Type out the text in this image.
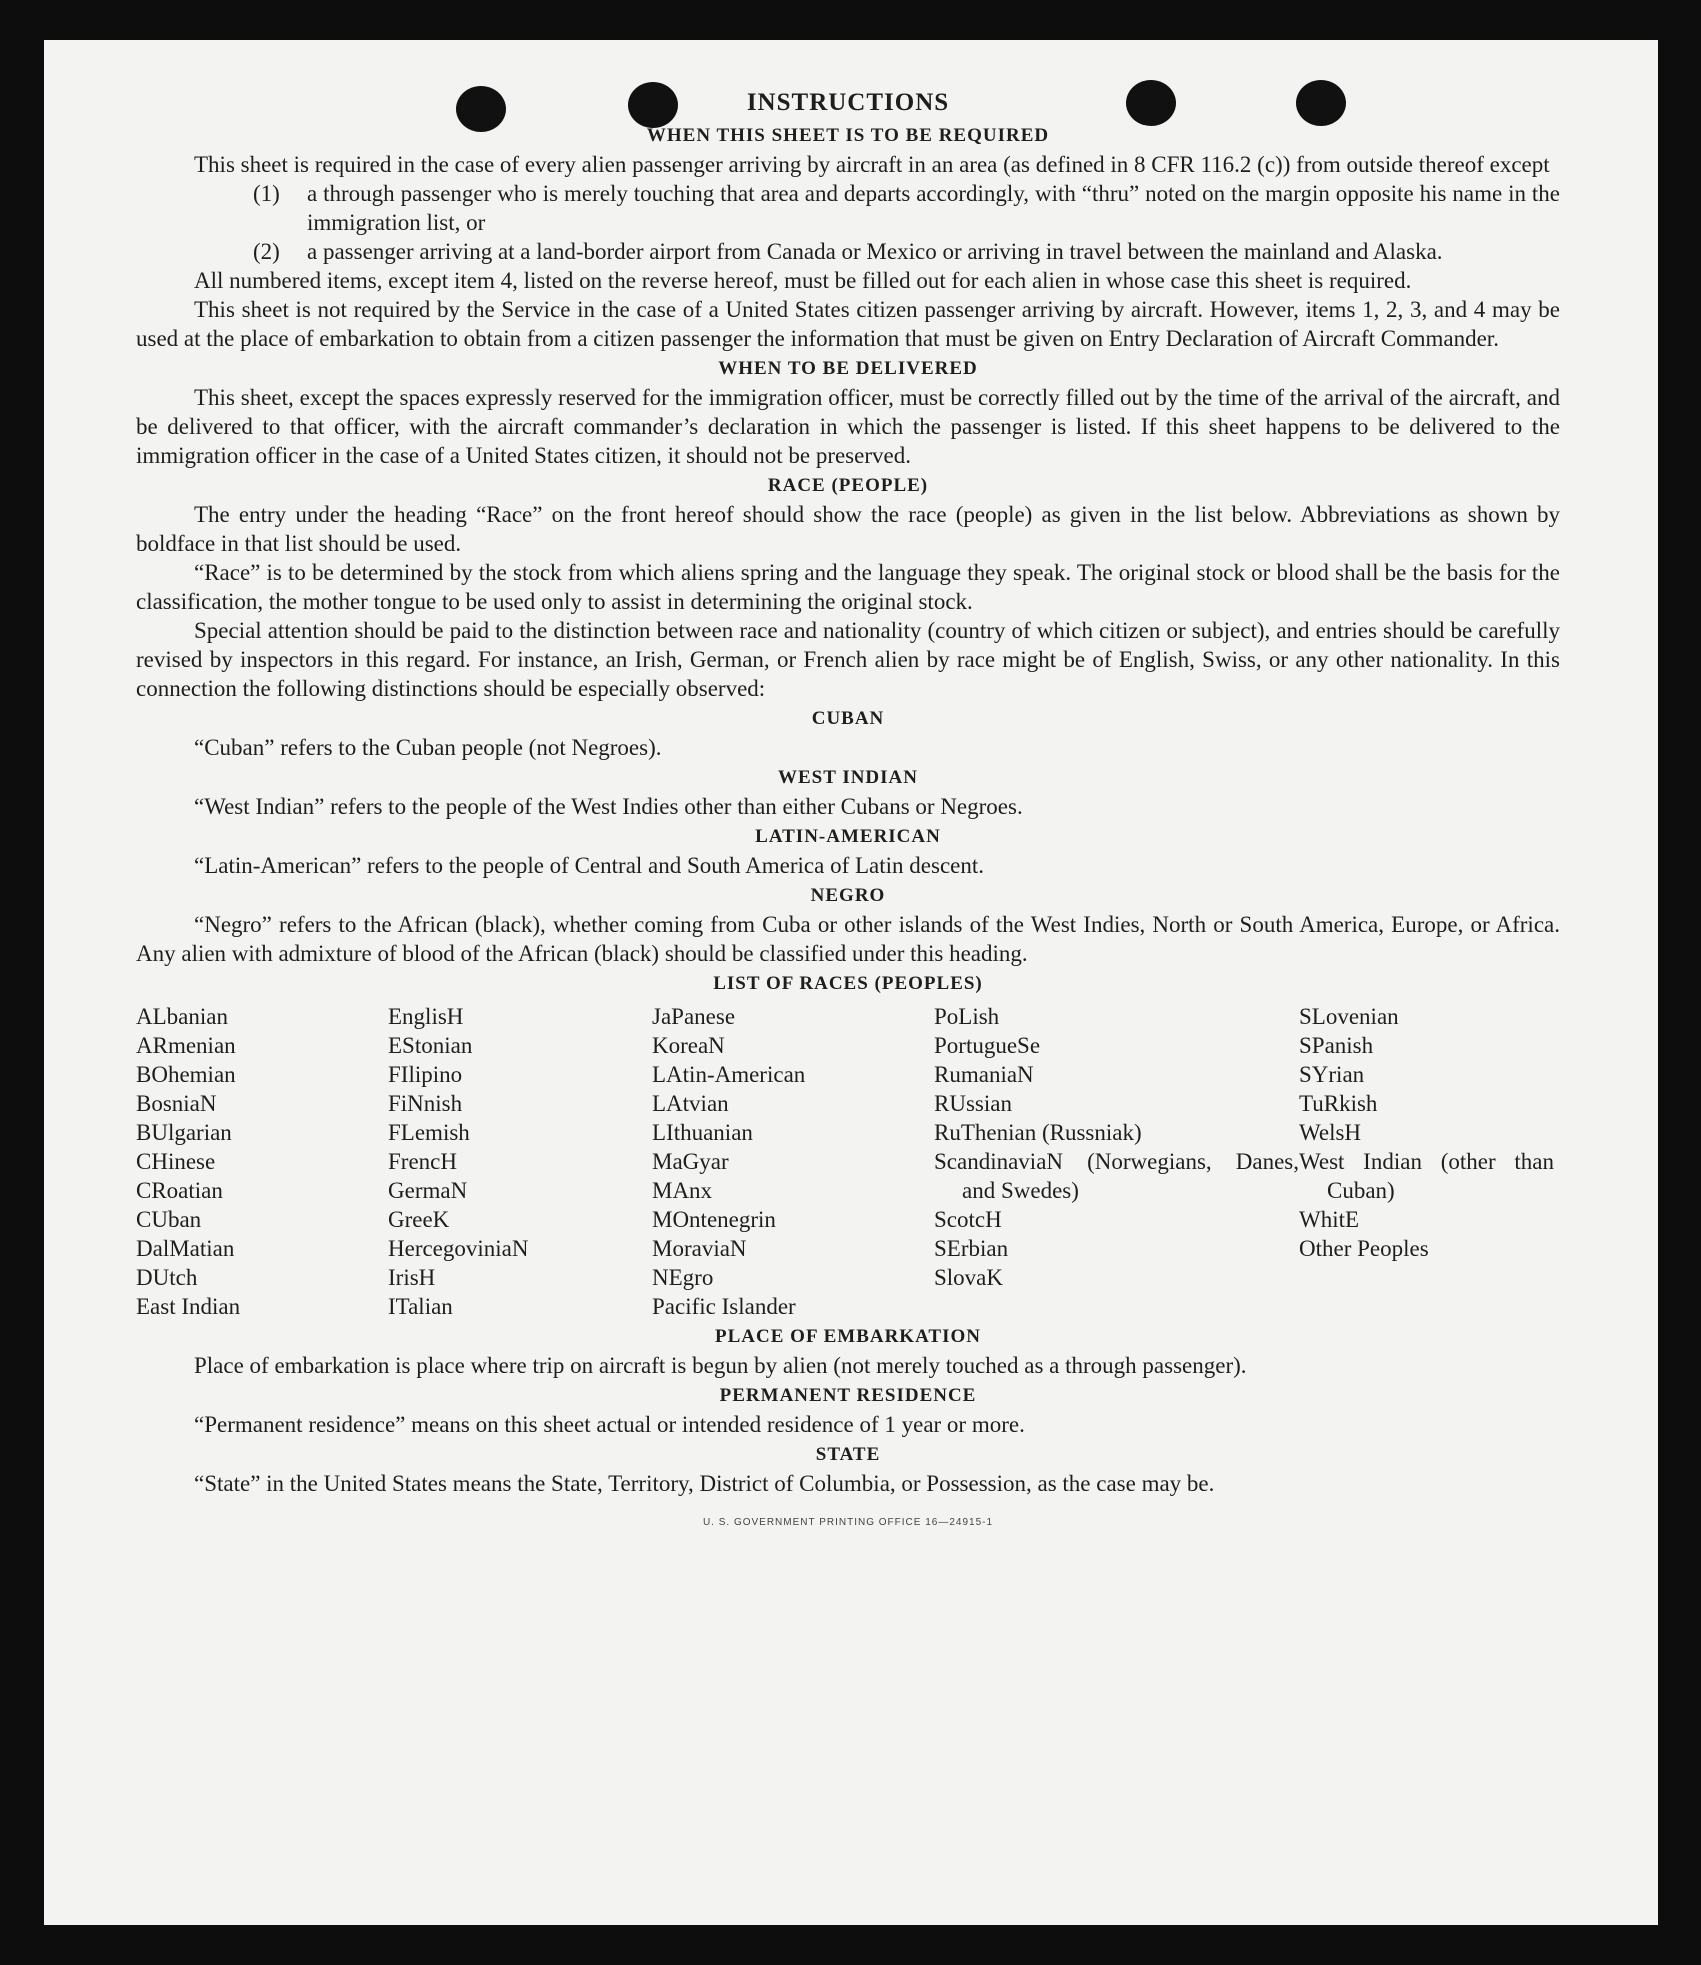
INSTRUCTIONS
WHEN THIS SHEET IS TO BE REQUIRED

This sheet is required in the case of every alien passenger arriving by aircraft in an area (as defined in 8 CFR 116.2 (c)) from outside thereof except

(1) a through passenger who is merely touching that area and departs accordingly, with “thru” noted on the margin opposite his name in the immigration list, or

(2) a passenger arriving at a land-border airport from Canada or Mexico or arriving in travel between the mainland and Alaska.

All numbered items, except item 4, listed on the reverse hereof, must be filled out for each alien in whose case this sheet is required.

This sheet is not required by the Service in the case of a United States citizen passenger arriving by aircraft. However, items 1, 2, 3, and 4 may be used at the place of embarkation to obtain from a citizen passenger the information that must be given on Entry Declaration of Aircraft Commander.

WHEN TO BE DELIVERED

This sheet, except the spaces expressly reserved for the immigration officer, must be correctly filled out by the time of the arrival of the aircraft, and be delivered to that officer, with the aircraft commander’s declaration in which the passenger is listed. If this sheet happens to be delivered to the immigration officer in the case of a United States citizen, it should not be preserved.

RACE (PEOPLE)

The entry under the heading “Race” on the front hereof should show the race (people) as given in the list below. Abbreviations as shown by boldface in that list should be used.

“Race” is to be determined by the stock from which aliens spring and the language they speak. The original stock or blood shall be the basis for the classification, the mother tongue to be used only to assist in determining the original stock.

Special attention should be paid to the distinction between race and nationality (country of which citizen or subject), and entries should be carefully revised by inspectors in this regard. For instance, an Irish, German, or French alien by race might be of English, Swiss, or any other nationality. In this connection the following distinctions should be especially observed:

CUBAN

“Cuban” refers to the Cuban people (not Negroes).

WEST INDIAN

“West Indian” refers to the people of the West Indies other than either Cubans or Negroes.

LATIN-AMERICAN

“Latin-American” refers to the people of Central and South America of Latin descent.

NEGRO

“Negro” refers to the African (black), whether coming from Cuba or other islands of the West Indies, North or South America, Europe, or Africa. Any alien with admixture of blood of the African (black) should be classified under this heading.

LIST OF RACES (PEOPLES)
ALbanian
ARmenian
BOhemian
BosniaN
BUlgarian
CHinese
CRoatian
CUban
DalMatian
DUtch
East Indian
EnglisH
EStonian
FIlipino
FiNnish
FLemish
FrencH
GermaN
GreeK
HercegoviniaN
IrisH
ITalian
JaPanese
KoreaN
LAtin-American
LAtvian
LIthuanian
MaGyar
MAnx
MOntenegrin
MoraviaN
NEgro
Pacific Islander
PoLish
PortugueSe
RumaniaN
RUssian
RuThenian (Russniak)
ScandinaviaN (Norwegians, Danes, and Swedes)
ScotcH
SErbian
SlovaK
SLovenian
SPanish
SYrian
TuRkish
WelsH
West Indian (other than Cuban)
WhitE
Other Peoples
PLACE OF EMBARKATION

Place of embarkation is place where trip on aircraft is begun by alien (not merely touched as a through passenger).

PERMANENT RESIDENCE

“Permanent residence” means on this sheet actual or intended residence of 1 year or more.

STATE

“State” in the United States means the State, Territory, District of Columbia, or Possession, as the case may be.

U. S. GOVERNMENT PRINTING OFFICE 16—24915-1
